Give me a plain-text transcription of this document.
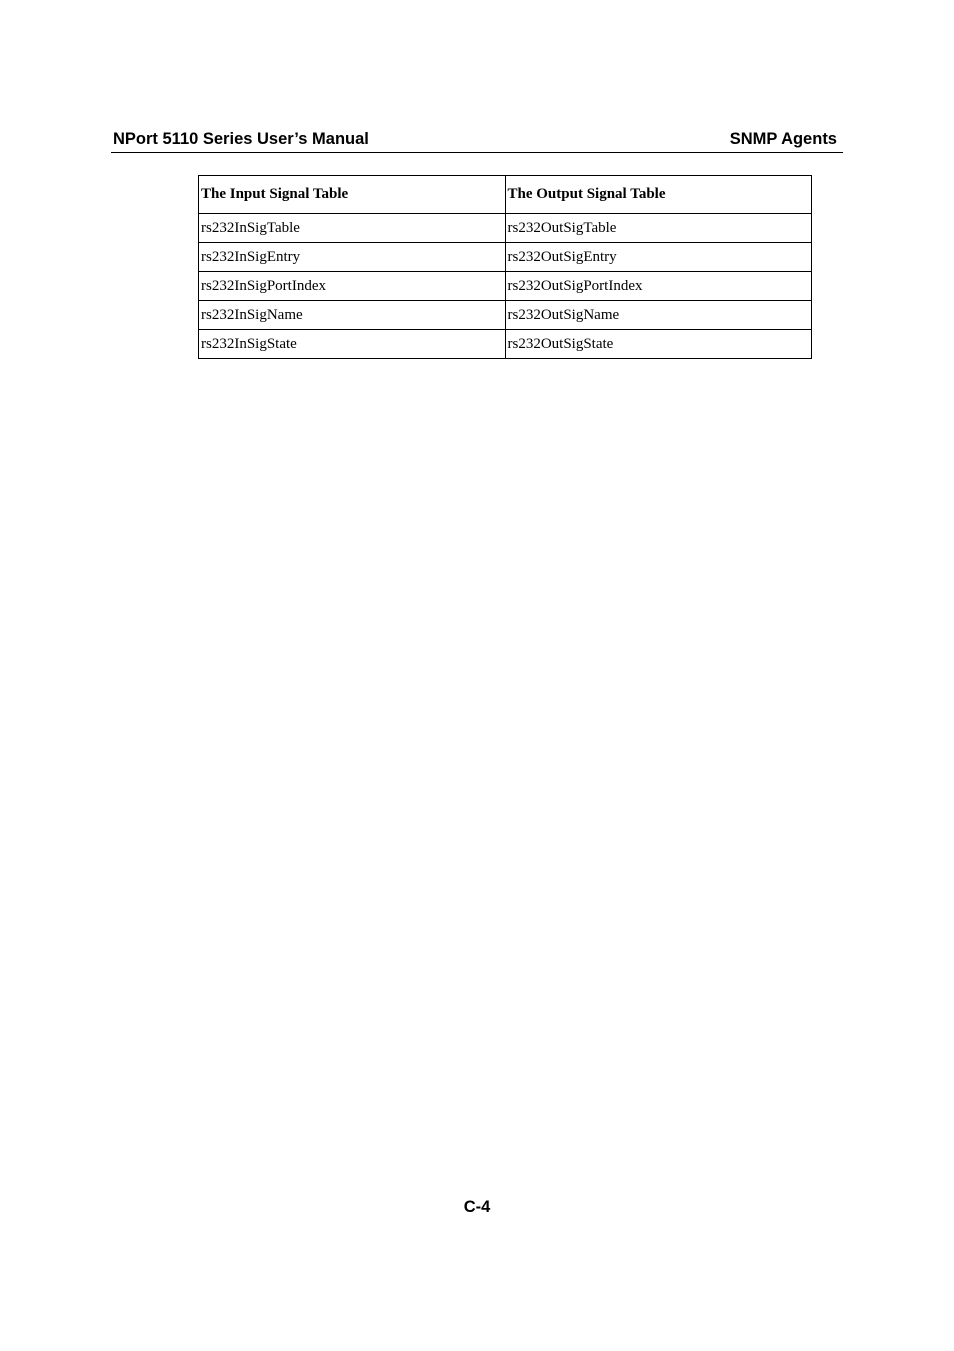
NPort 5110 Series User’s Manual	SNMP Agents
The Input Signal Table	The Output Signal Table
rs232InSigTable	rs232OutSigTable
rs232InSigEntry	rs232OutSigEntry
rs232InSigPortIndex	rs232OutSigPortIndex
rs232InSigName	rs232OutSigName
rs232InSigState	rs232OutSigState
C-4
